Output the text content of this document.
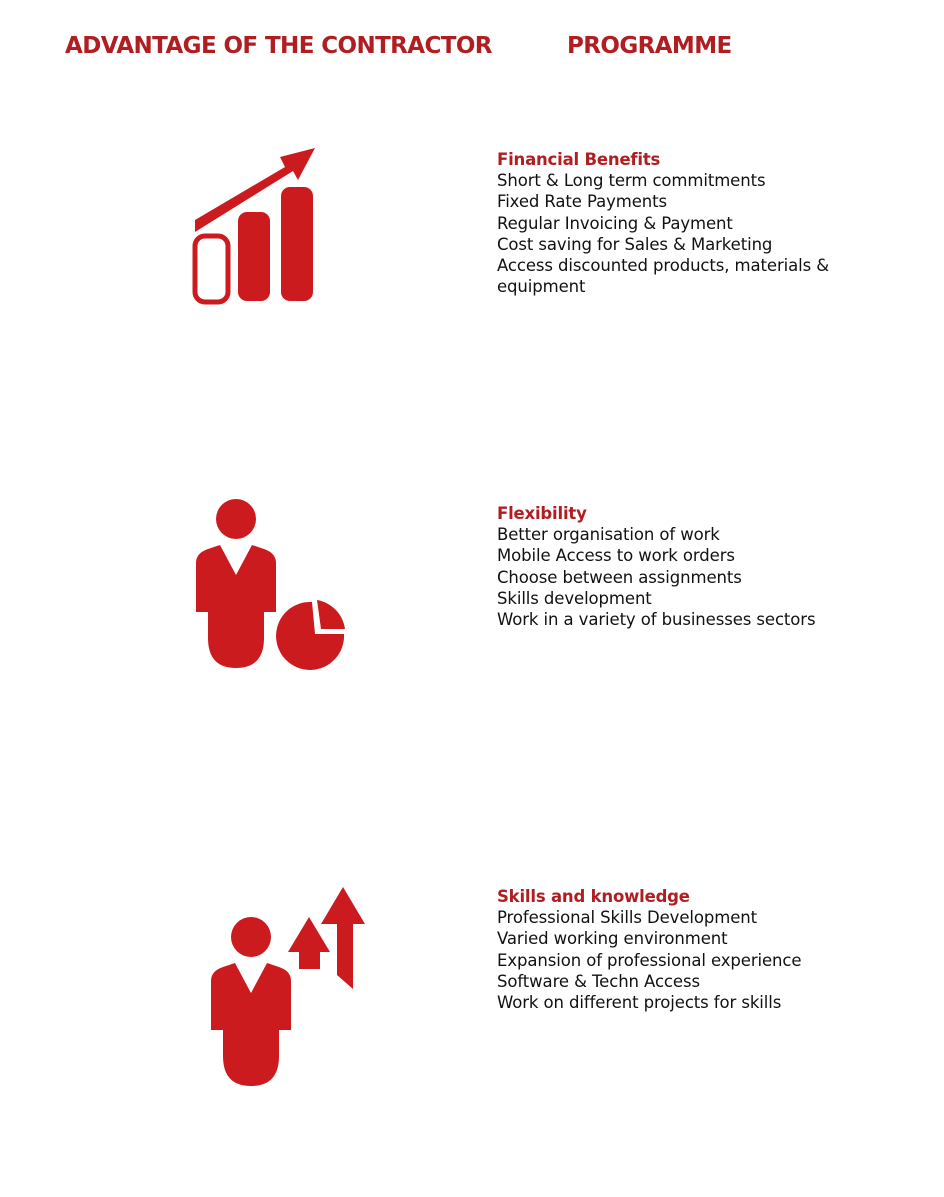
ADVANTAGE OF THE CONTRACTOR	PROGRAMME
Financial Benefits
Short & Long term commitments
Fixed Rate Payments
Regular Invoicing & Payment
Cost saving for Sales & Marketing
Access discounted products, materials & equipment
Flexibility
Better organisation of work
Mobile Access to work orders
Choose between assignments
Skills development
Work in a variety of businesses sectors
Skills and knowledge
Professional Skills Development
Varied working environment
Expansion of professional experience
Software & Techn Access
Work on different projects for skills
